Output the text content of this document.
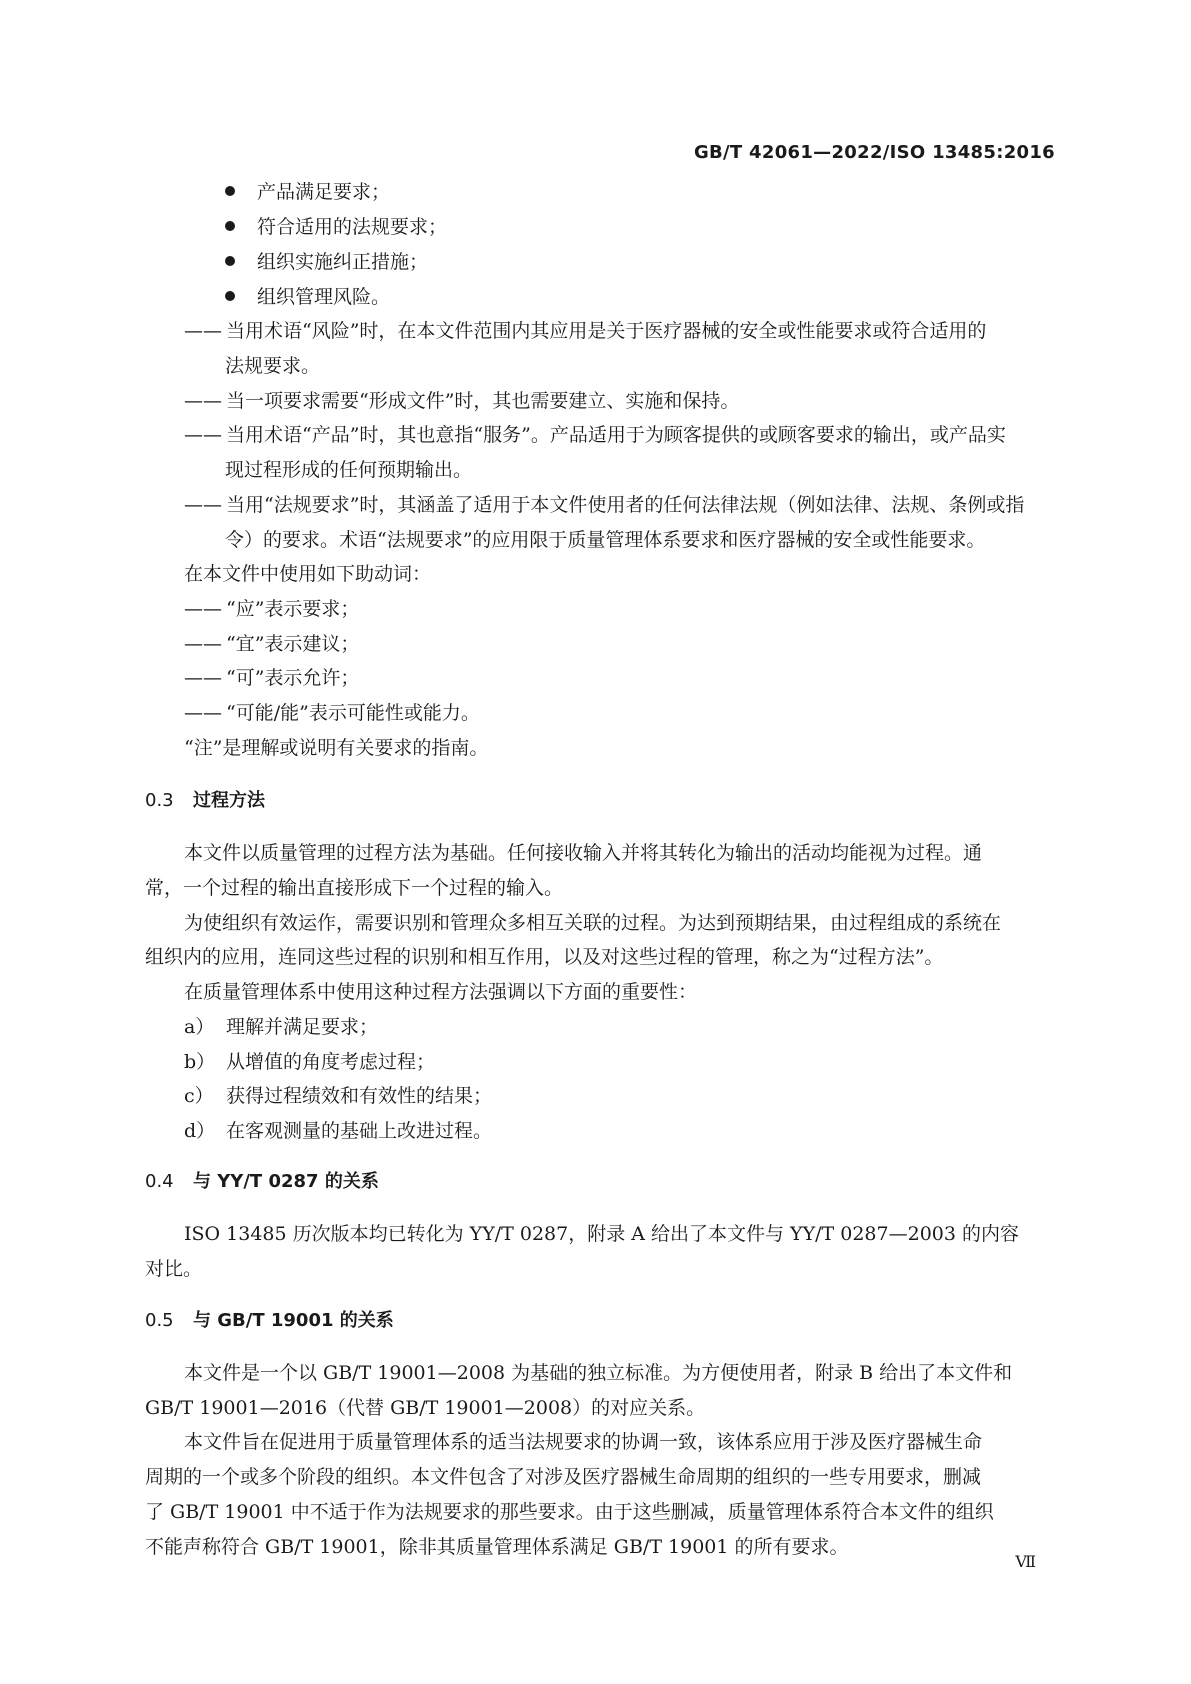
GB/T 42061—2022/ISO 13485:2016
产品满足要求；
符合适用的法规要求；
组织实施纠正措施；
组织管理风险。
—— 当用术语“风险”时，在本文件范围内其应用是关于医疗器械的安全或性能要求或符合适用的
法规要求。
—— 当一项要求需要“形成文件”时，其也需要建立、实施和保持。
—— 当用术语“产品”时，其也意指“服务”。产品适用于为顾客提供的或顾客要求的输出，或产品实
现过程形成的任何预期输出。
—— 当用“法规要求”时，其涵盖了适用于本文件使用者的任何法律法规（例如法律、法规、条例或指
令）的要求。术语“法规要求”的应用限于质量管理体系要求和医疗器械的安全或性能要求。
在本文件中使用如下助动词：
—— “应”表示要求；
—— “宜”表示建议；
—— “可”表示允许；
—— “可能/能”表示可能性或能力。
“注”是理解或说明有关要求的指南。
0.3 过程方法
本文件以质量管理的过程方法为基础。任何接收输入并将其转化为输出的活动均能视为过程。通
常，一个过程的输出直接形成下一个过程的输入。
为使组织有效运作，需要识别和管理众多相互关联的过程。为达到预期结果，由过程组成的系统在
组织内的应用，连同这些过程的识别和相互作用，以及对这些过程的管理，称之为“过程方法”。
在质量管理体系中使用这种过程方法强调以下方面的重要性：
a） 理解并满足要求；
b） 从增值的角度考虑过程；
c） 获得过程绩效和有效性的结果；
d） 在客观测量的基础上改进过程。
0.4 与 YY/T 0287 的关系
ISO 13485 历次版本均已转化为 YY/T 0287，附录 A 给出了本文件与 YY/T 0287—2003 的内容
对比。
0.5 与 GB/T 19001 的关系
本文件是一个以 GB/T 19001—2008 为基础的独立标准。为方便使用者，附录 B 给出了本文件和
GB/T 19001—2016（代替 GB/T 19001—2008）的对应关系。
本文件旨在促进用于质量管理体系的适当法规要求的协调一致，该体系应用于涉及医疗器械生命
周期的一个或多个阶段的组织。本文件包含了对涉及医疗器械生命周期的组织的一些专用要求，删减
了 GB/T 19001 中不适于作为法规要求的那些要求。由于这些删减，质量管理体系符合本文件的组织
不能声称符合 GB/T 19001，除非其质量管理体系满足 GB/T 19001 的所有要求。
Ⅶ
